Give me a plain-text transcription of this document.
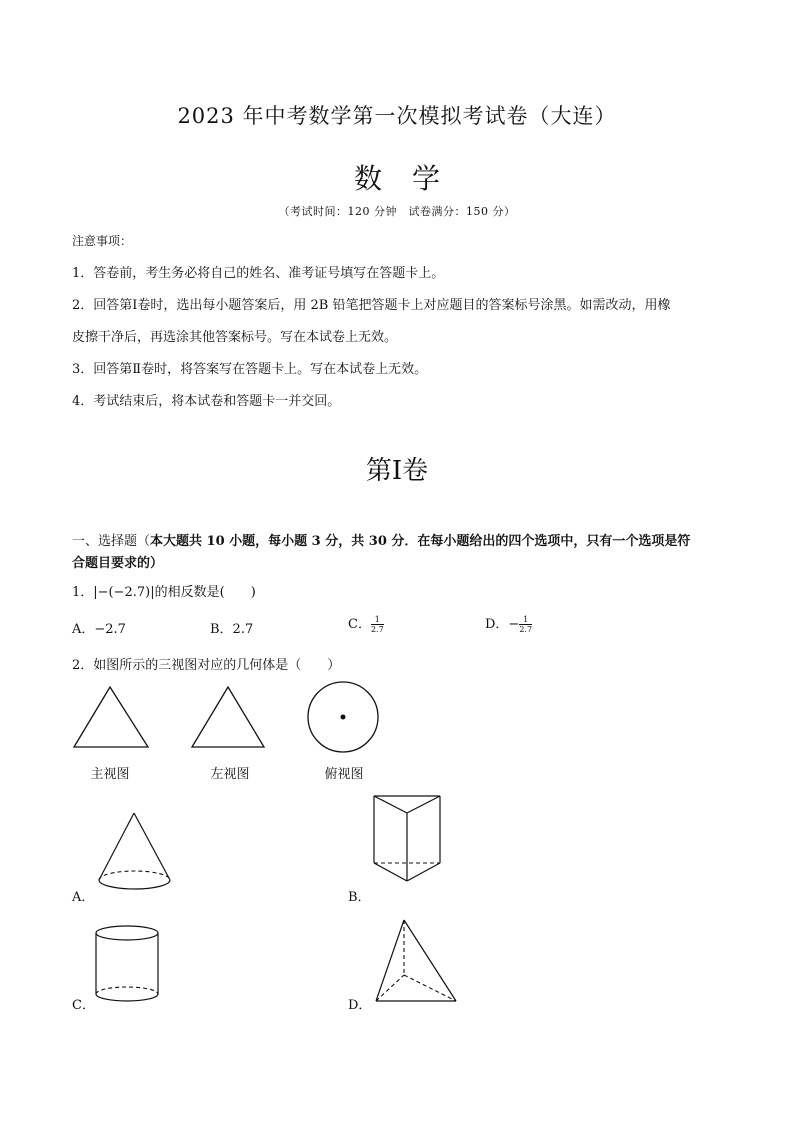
2023 年中考数学第一次模拟考试卷（大连）
数学
（考试时间：120 分钟　试卷满分：150 分）
注意事项：
1．答卷前，考生务必将自己的姓名、准考证号填写在答题卡上。
2．回答第Ⅰ卷时，选出每小题答案后，用 2B 铅笔把答题卡上对应题目的答案标号涂黑。如需改动，用橡
皮擦干净后，再选涂其他答案标号。写在本试卷上无效。
3．回答第Ⅱ卷时，将答案写在答题卡上。写在本试卷上无效。
4．考试结束后，将本试卷和答题卡一并交回。
第Ⅰ卷
一、选择题（本大题共 10 小题，每小题 3 分，共 30 分．在每小题给出的四个选项中，只有一个选项是符
合题目要求的）
1．|−(−2.7)|的相反数是(　　)
A．−2.7	B．2.7	C． $\frac{1}{2.7}$	D．− $\frac{1}{2.7}$
2．如图所示的三视图对应的几何体是（　　）
主视图	左视图	俯视图
A．	B．
C．	D．
